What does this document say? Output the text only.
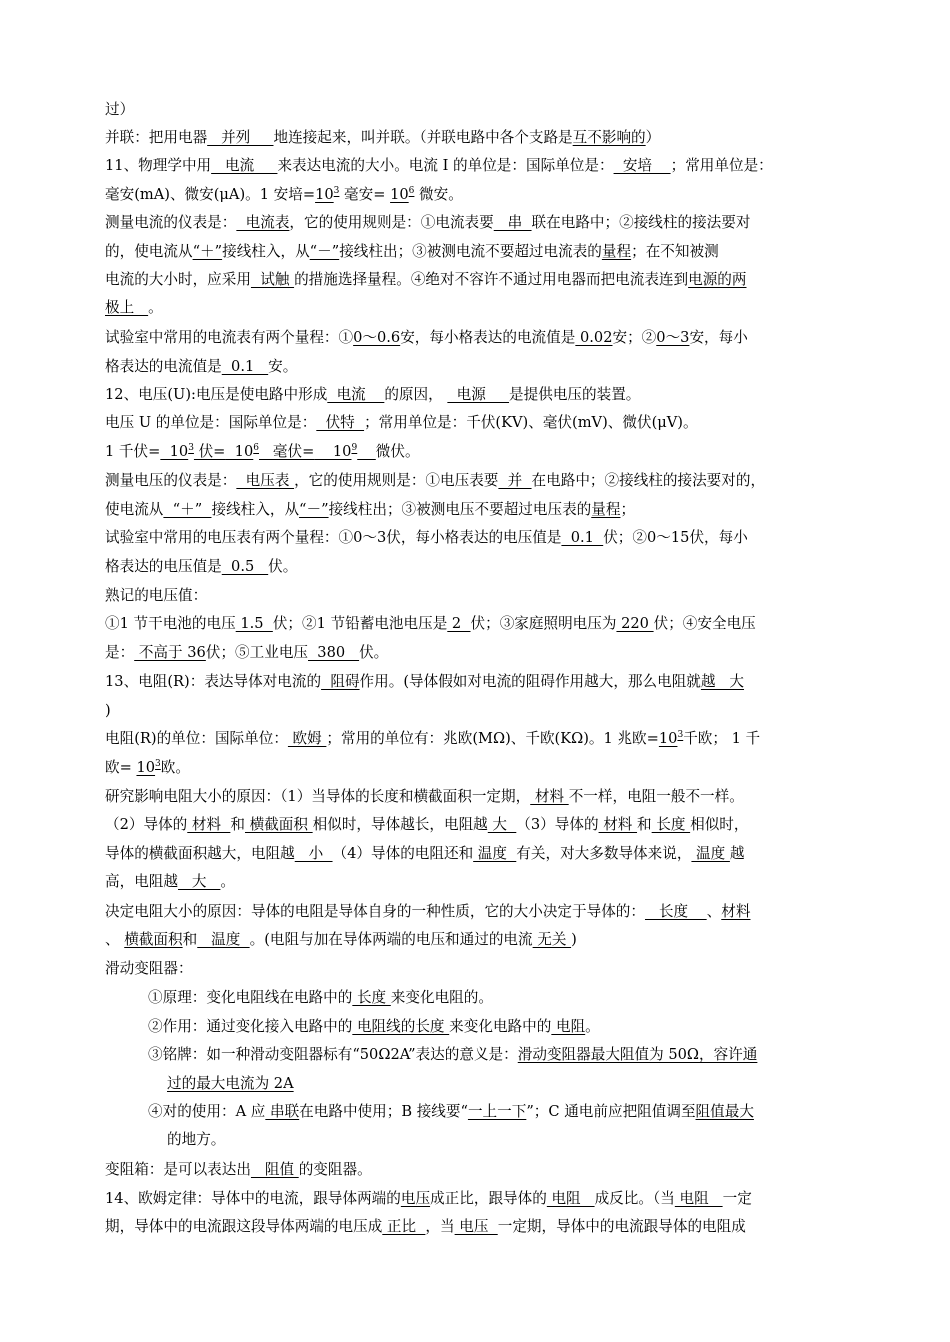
过）
并联：把用电器   并列     地连接起来，叫并联。（并联电路中各个支路是互不影响的）
11、物理学中用   电流     来表达电流的大小。电流 I 的单位是：国际单位是：  安培    ；常用单位是：
毫安(mA)、微安(μA)。1 安培$=10^3$ 毫安= $10^6$ 微安。
测量电流的仪表是：  电流表，它的使用规则是：①电流表要   串  联在电路中；②接线柱的接法要对
的，使电流从“＋”接线柱入，从“－”接线柱出；③被测电流不要超过电流表的量程；在不知被测
电流的大小时，应采用  试触 的措施选择量程。④绝对不容许不通过用电器而把电流表连到电源的两
极上   。
试验室中常用的电流表有两个量程：①0～0.6安，每小格表达的电流值是 0.02安；②0～3安，每小
格表达的电流值是  0.1   安。
12、电压(U):电压是使电路中形成  电流    的原因，   电源     是提供电压的装置。
电压 U 的单位是：国际单位是：  伏特  ；常用单位是：千伏(KV)、毫伏(mV)、微伏(μV)。
1 千伏=  $10^3$ 伏=  $10^6$   毫伏=    $10^9$ 微伏。
测量电压的仪表是：  电压表 ，它的使用规则是：①电压表要  并  在电路中；②接线柱的接法要对的，
使电流从  “＋”  接线柱入，从“－”接线柱出；③被测电压不要超过电压表的量程；
试验室中常用的电压表有两个量程：①0～3伏，每小格表达的电压值是  0.1  伏；②0～15伏，每小
格表达的电压值是  0.5   伏。
熟记的电压值：
①1 节干电池的电压 1.5  伏；②1 节铅蓄电池电压是 2  伏；③家庭照明电压为 220 伏；④安全电压
是： 不高于 36伏；⑤工业电压  380   伏。
13、电阻(R)：表达导体对电流的  阻碍作用。(导体假如对电流的阻碍作用越大，那么电阻就越   大
)
电阻(R)的单位：国际单位： 欧姆 ；常用的单位有：兆欧(MΩ)、千欧(KΩ)。1 兆欧$=10^3$千欧； 1 千
欧= $10^3$欧。
研究影响电阻大小的原因：（1）当导体的长度和横截面积一定期， 材料 不一样，电阻一般不一样。
（2）导体的 材料  和 横截面积 相似时，导体越长，电阻越 大  （3）导体的 材料 和 长度 相似时，
导体的横截面积越大，电阻越   小  （4）导体的电阻还和 温度  有关，对大多数导体来说， 温度 越
高，电阻越   大   。
决定电阻大小的原因：导体的电阻是导体自身的一种性质，它的大小决定于导体的：   长度    、材料
、 横截面积和   温度  。(电阻与加在导体两端的电压和通过的电流 无关 )
滑动变阻器：
①原理：变化电阻线在电路中的 长度 来变化电阻的。
②作用：通过变化接入电路中的 电阻线的长度 来变化电路中的 电阻。
③铭牌：如一种滑动变阻器标有“50Ω2A”表达的意义是：滑动变阻器最大阻值为 50Ω，容许通
过的最大电流为 2A
④对的使用：A 应 串联在电路中使用；B 接线要“一上一下”；C 通电前应把阻值调至阻值最大
的地方。
变阻箱：是可以表达出   阻值 的变阻器。
14、欧姆定律：导体中的电流，跟导体两端的电压成正比，跟导体的 电阻   成反比。（当 电阻   一定
期，导体中的电流跟这段导体两端的电压成 正比  ，当 电压  一定期，导体中的电流跟导体的电阻成
